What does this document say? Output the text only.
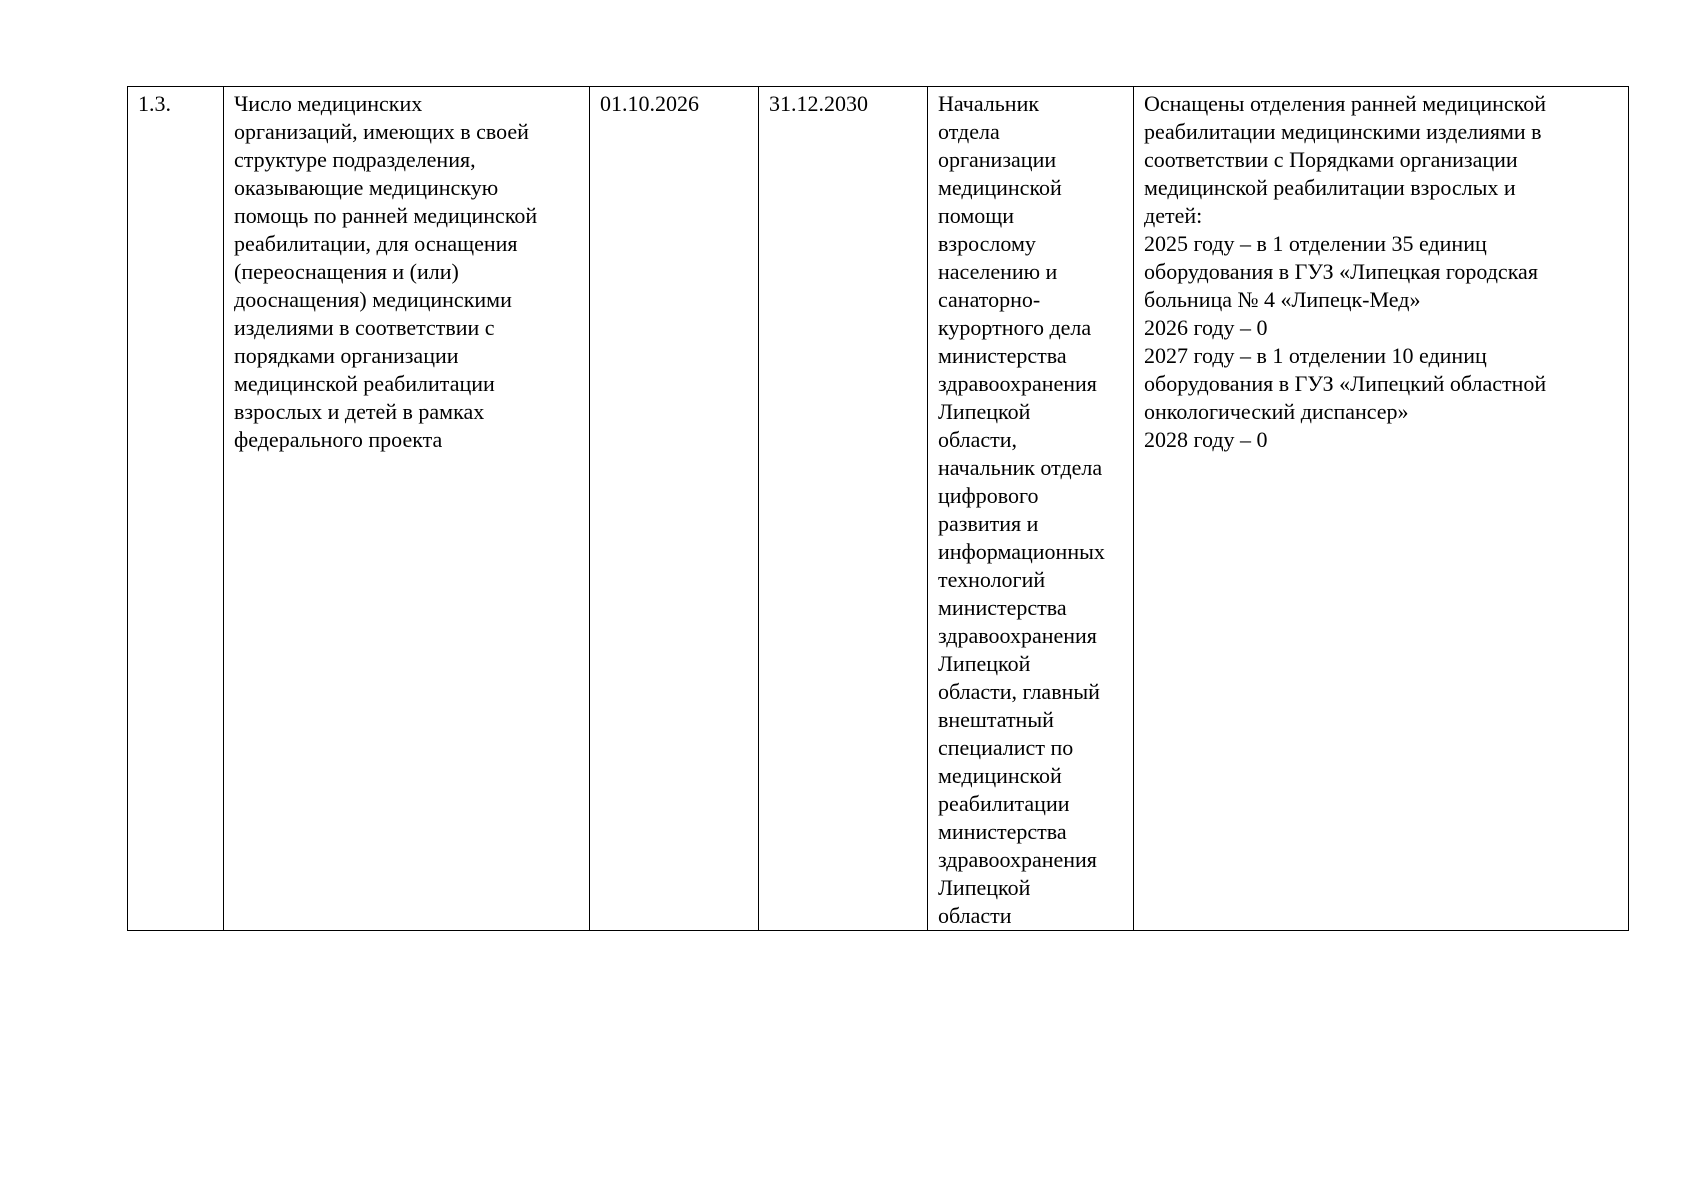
1.3.	Число медицинских
организаций, имеющих в своей
структуре подразделения,
оказывающие медицинскую
помощь по ранней медицинской
реабилитации, для оснащения
(переоснащения и (или)
дооснащения) медицинскими
изделиями в соответствии с
порядками организации
медицинской реабилитации
взрослых и детей в рамках
федерального проекта	01.10.2026	31.12.2030	Начальник
отдела
организации
медицинской
помощи
взрослому
населению и
санаторно-
курортного дела
министерства
здравоохранения
Липецкой
области,
начальник отдела
цифрового
развития и
информационных
технологий
министерства
здравоохранения
Липецкой
области, главный
внештатный
специалист по
медицинской
реабилитации
министерства
здравоохранения
Липецкой
области	Оснащены отделения ранней медицинской
реабилитации медицинскими изделиями в
соответствии с Порядками организации
медицинской реабилитации взрослых и
детей:
2025 году – в 1 отделении 35 единиц
оборудования в ГУЗ «Липецкая городская
больница № 4 «Липецк-Мед»
2026 году – 0
2027 году – в 1 отделении 10 единиц
оборудования в ГУЗ «Липецкий областной
онкологический диспансер»
2028 году – 0
